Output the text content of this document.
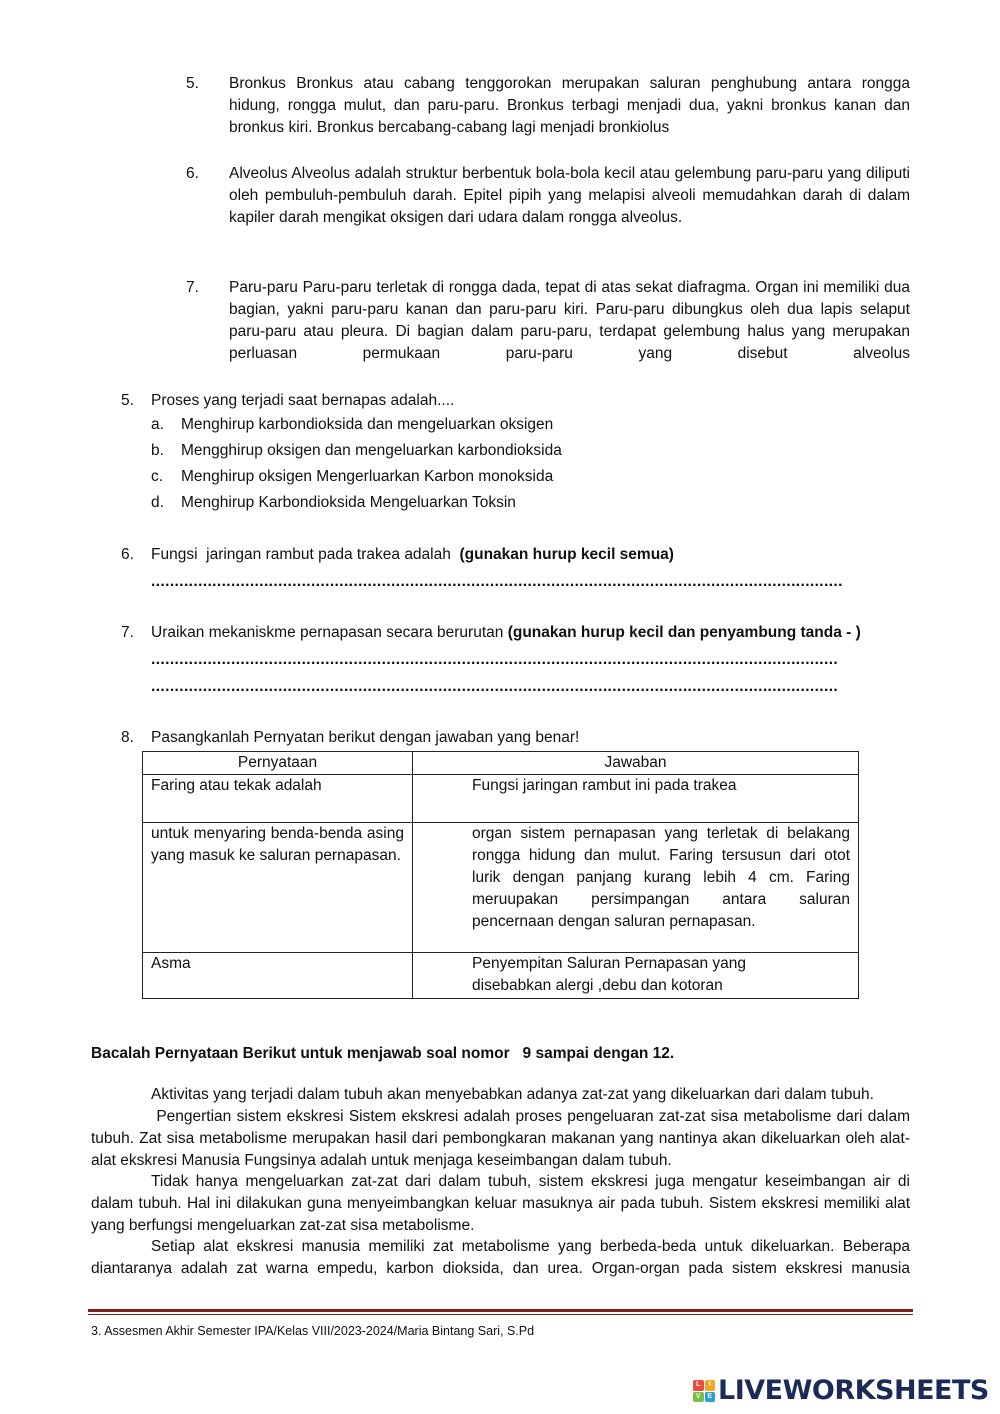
5.	Bronkus Bronkus atau cabang tenggorokan merupakan saluran penghubung antara rongga hidung, rongga mulut, dan paru-paru. Bronkus terbagi menjadi dua, yakni bronkus kanan dan bronkus kiri. Bronkus bercabang-cabang lagi menjadi bronkiolus
6.	Alveolus Alveolus adalah struktur berbentuk bola-bola kecil atau gelembung paru-paru yang diliputi oleh pembuluh-pembuluh darah. Epitel pipih yang melapisi alveoli memudahkan darah di dalam kapiler darah mengikat oksigen dari udara dalam rongga alveolus.
7.	Paru-paru Paru-paru terletak di rongga dada, tepat di atas sekat diafragma. Organ ini memiliki dua bagian, yakni paru-paru kanan dan paru-paru kiri. Paru-paru dibungkus oleh dua lapis selaput paru-paru atau pleura. Di bagian dalam paru-paru, terdapat gelembung halus yang merupakan perluasan permukaan paru-paru yang disebut alveolus
5. Proses yang terjadi saat bernapas adalah....
a. Menghirup karbondioksida dan mengeluarkan oksigen
b. Mengghirup oksigen dan mengeluarkan karbondioksida
c. Menghirup oksigen Mengerluarkan Karbon monoksida
d. Menghirup Karbondioksida Mengeluarkan Toksin
6. Fungsi  jaringan rambut pada trakea adalah  (gunakan hurup kecil semua)
...................................................................................................................................................
7. Uraikan mekaniskme pernapasan secara berurutan (gunakan hurup kecil dan penyambung tanda - )
..................................................................................................................................................
..................................................................................................................................................
8. Pasangkanlah Pernyatan berikut dengan jawaban yang benar!
Pernyataan	Jawaban
Faring atau tekak adalah	Fungsi jaringan rambut ini pada trakea
untuk menyaring benda-benda asing yang masuk ke saluran pernapasan.	organ sistem pernapasan yang terletak di belakang rongga hidung dan mulut. Faring tersusun dari otot lurik dengan panjang kurang lebih 4 cm. Faring meruupakan persimpangan antara saluran pencernaan dengan saluran pernapasan.
Asma	Penyempitan Saluran Pernapasan yang disebabkan alergi ,debu dan kotoran
Bacalah Pernyataan Berikut untuk menjawab soal nomor   9 sampai dengan 12.
Aktivitas yang terjadi dalam tubuh akan menyebabkan adanya zat-zat yang dikeluarkan dari dalam tubuh.
Pengertian sistem ekskresi Sistem ekskresi adalah proses pengeluaran zat-zat sisa metabolisme dari dalam tubuh. Zat sisa metabolisme merupakan hasil dari pembongkaran makanan yang nantinya akan dikeluarkan oleh alat-alat ekskresi Manusia Fungsinya adalah untuk menjaga keseimbangan dalam tubuh.
Tidak hanya mengeluarkan zat-zat dari dalam tubuh, sistem ekskresi juga mengatur keseimbangan air di dalam tubuh. Hal ini dilakukan guna menyeimbangkan keluar masuknya air pada tubuh. Sistem ekskresi memiliki alat yang berfungsi mengeluarkan zat-zat sisa metabolisme.
Setiap alat ekskresi manusia memiliki zat metabolisme yang berbeda-beda untuk dikeluarkan. Beberapa diantaranya adalah zat warna empedu, karbon dioksida, dan urea. Organ-organ pada sistem ekskresi manusia
3. Assesmen Akhir Semester IPA/Kelas VIII/2023-2024/Maria Bintang Sari, S.Pd
L	I
V E LIVEWORKSHEETS
